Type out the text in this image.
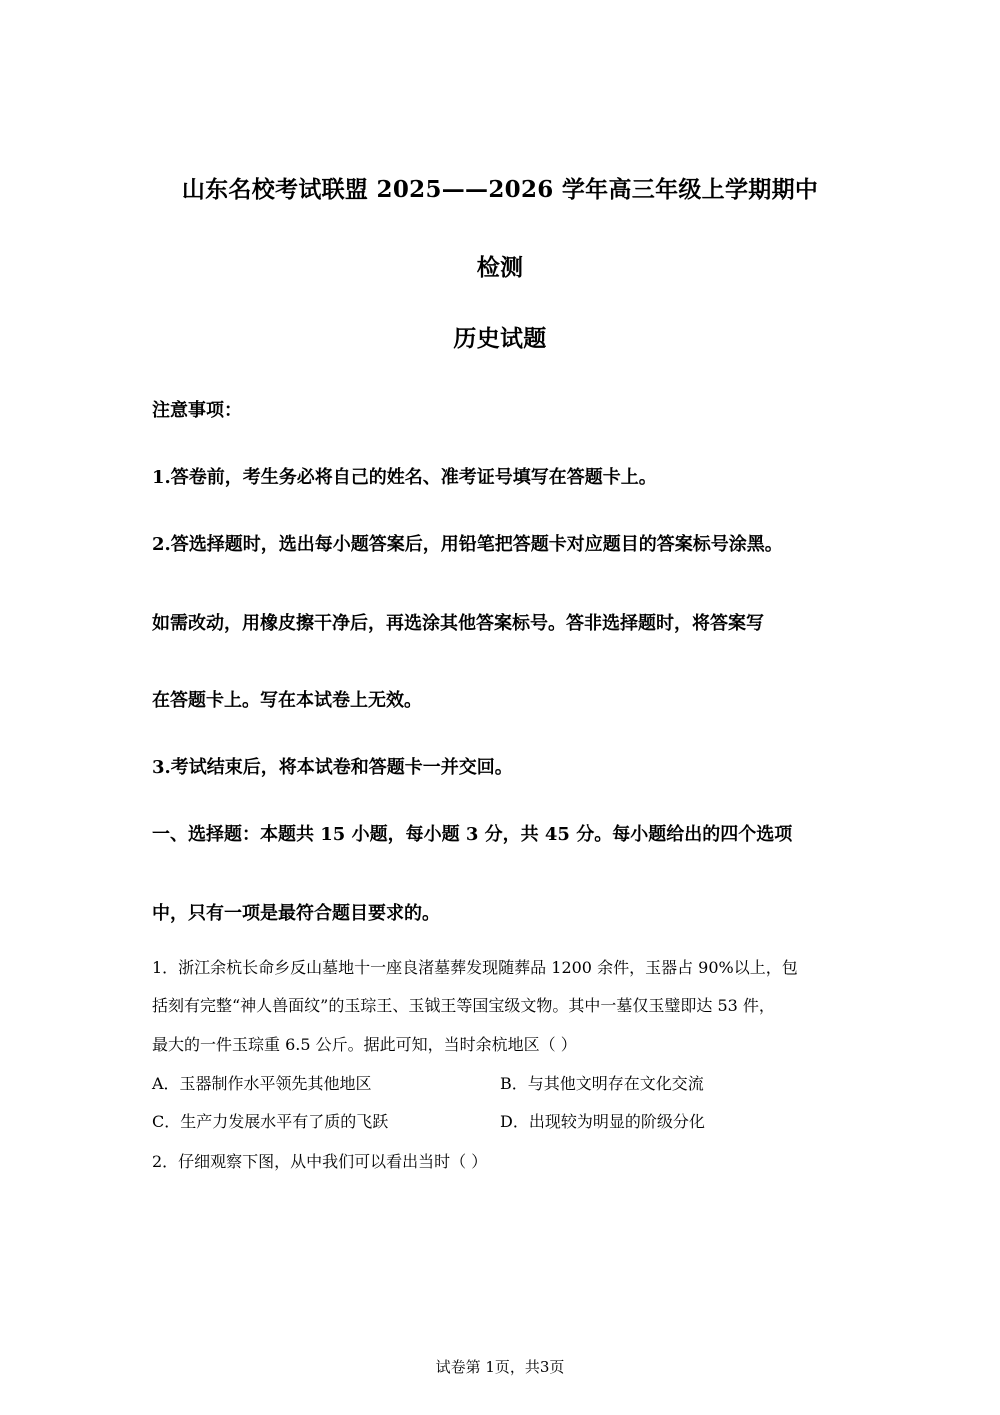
山东名校考试联盟 2025——2026 学年高三年级上学期期中
检测
历史试题
注意事项：
1.答卷前，考生务必将自己的姓名、准考证号填写在答题卡上。
2.答选择题时，选出每小题答案后，用铅笔把答题卡对应题目的答案标号涂黑。
如需改动，用橡皮擦干净后，再选涂其他答案标号。答非选择题时，将答案写
在答题卡上。写在本试卷上无效。
3.考试结束后，将本试卷和答题卡一并交回。
一、选择题：本题共 15 小题，每小题 3 分，共 45 分。每小题给出的四个选项
中，只有一项是最符合题目要求的。
1．浙江余杭长命乡反山墓地十一座良渚墓葬发现随葬品 1200 余件，玉器占 90%以上，包
括刻有完整“神人兽面纹”的玉琮王、玉钺王等国宝级文物。其中一墓仅玉璧即达 53 件，
最大的一件玉琮重 6.5 公斤。据此可知，当时余杭地区（ ）
A．玉器制作水平领先其他地区	B．与其他文明存在文化交流
C．生产力发展水平有了质的飞跃	D．出现较为明显的阶级分化
2．仔细观察下图，从中我们可以看出当时（ ）
试卷第 1页，共3页
